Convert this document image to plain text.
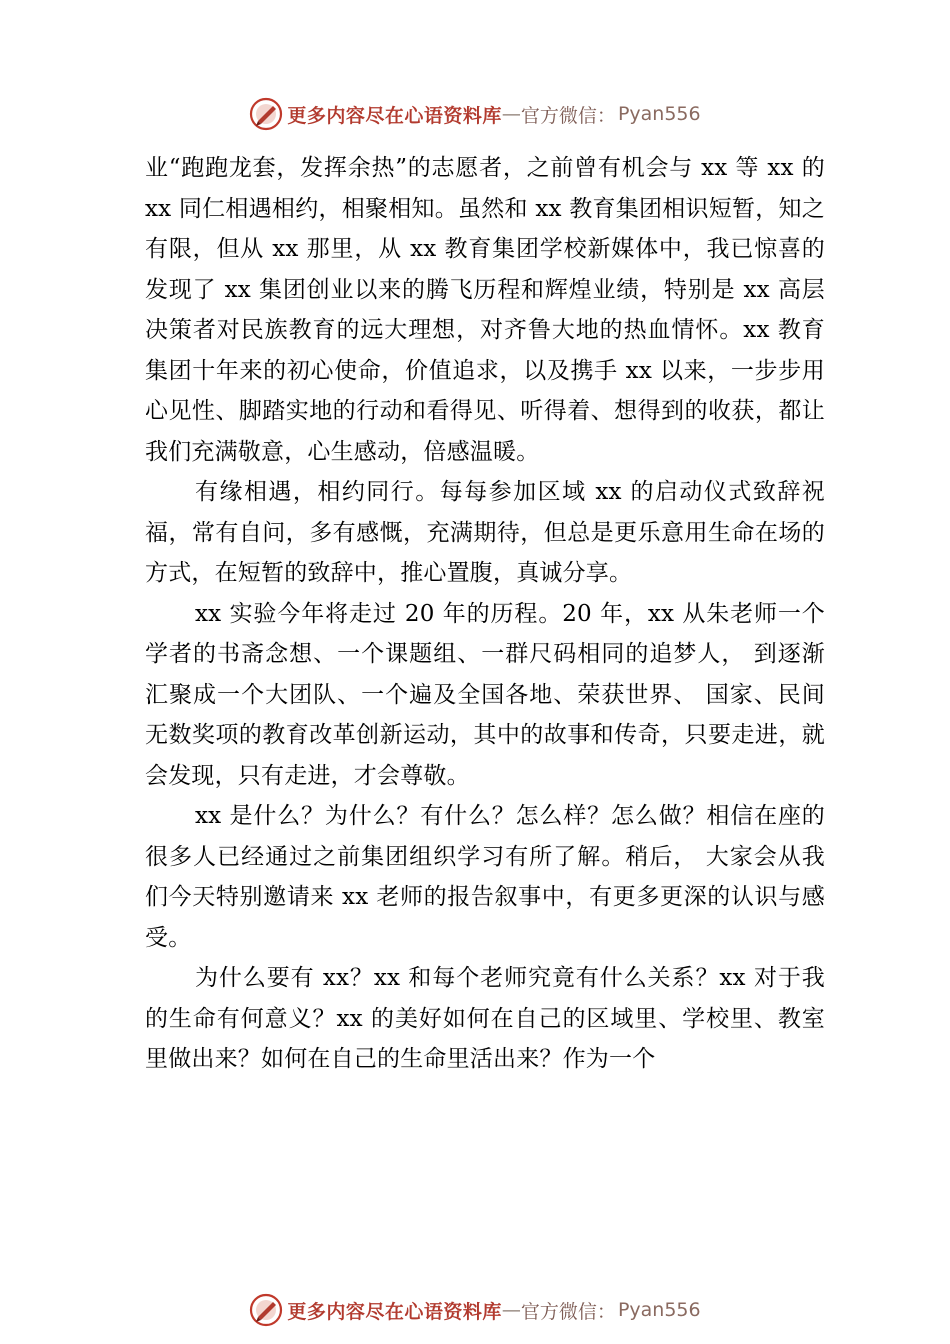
更多内容尽在心语资料库 — 官方微信： Pyan556

业“跑跑龙套，发挥余热”的志愿者，之前曾有机会与 xx 等 xx 的 xx 同仁相遇相约，相聚相知。虽然和 xx 教育集团相识短暂，知之有限，但从 xx 那里，从 xx 教育集团学校新媒体中，我已惊喜的发现了 xx 集团创业以来的腾飞历程和辉煌业绩，特别是 xx 高层决策者对民族教育的远大理想，对齐鲁大地的热血情怀。xx 教育集团十年来的初心使命，价值追求，以及携手 xx 以来，一步步用心见性、脚踏实地的行动和看得见、听得着、想得到的收获，都让我们充满敬意，心生感动，倍感温暖。

有缘相遇，相约同行。每每参加区域 xx 的启动仪式致辞祝福，常有自问，多有感慨，充满期待，但总是更乐意用生命在场的方式，在短暂的致辞中，推心置腹，真诚分享。

xx 实验今年将走过 20 年的历程。20 年，xx 从朱老师一个学者的书斋念想、一个课题组、一群尺码相同的追梦人， 到逐渐汇聚成一个大团队、一个遍及全国各地、荣获世界、 国家、民间无数奖项的教育改革创新运动，其中的故事和传奇，只要走进，就会发现，只有走进，才会尊敬。

xx 是什么？为什么？有什么？怎么样？怎么做？相信在座的很多人已经通过之前集团组织学习有所了解。稍后， 大家会从我们今天特别邀请来 xx 老师的报告叙事中，有更多更深的认识与感受。

为什么要有 xx？xx 和每个老师究竟有什么关系？xx 对于我的生命有何意义？xx 的美好如何在自己的区域里、学校里、教室里做出来？如何在自己的生命里活出来？作为一个

更多内容尽在心语资料库 — 官方微信： Pyan556
